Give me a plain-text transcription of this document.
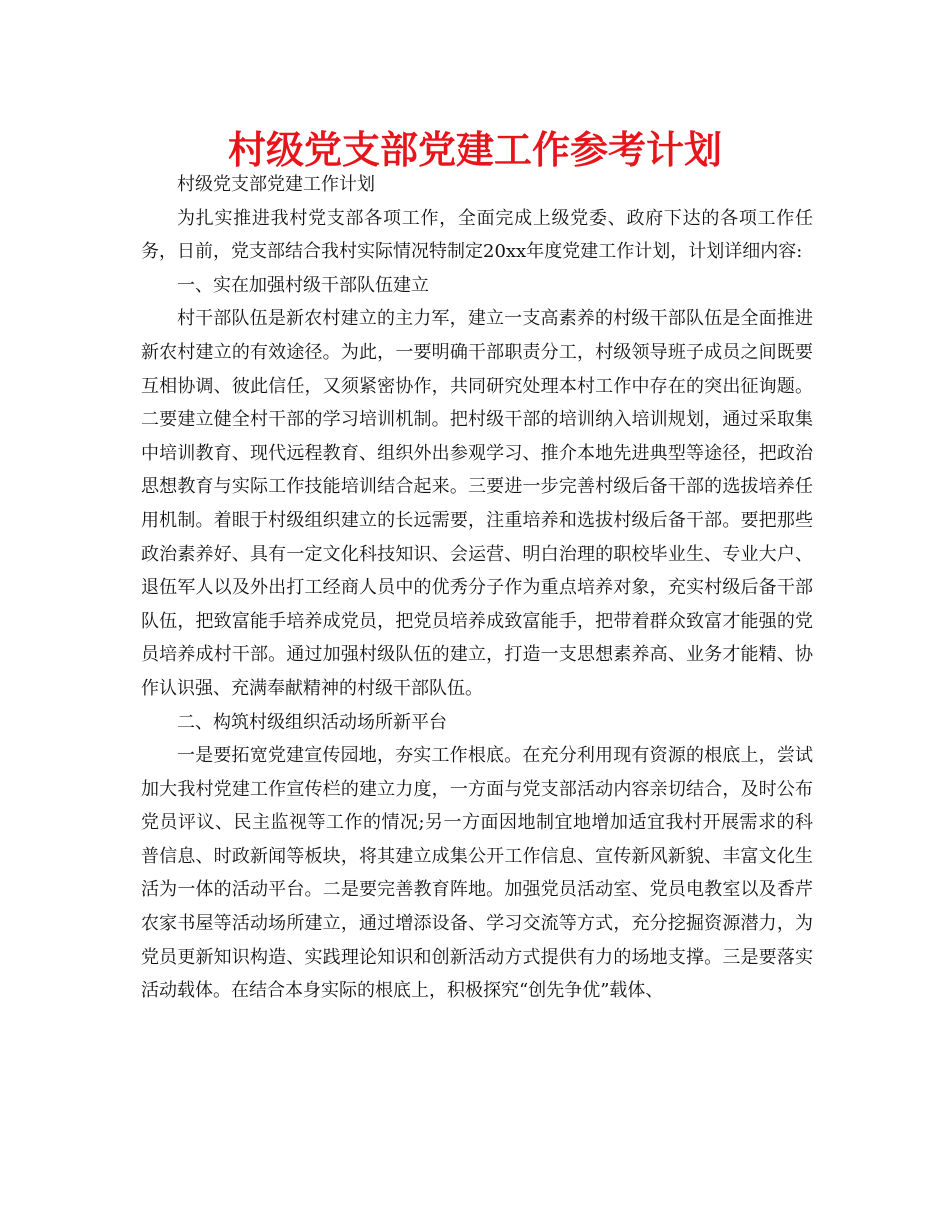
村级党支部党建工作参考计划

村级党支部党建工作计划

为扎实推进我村党支部各项工作，全面完成上级党委、政府下达的各项工作任务，日前，党支部结合我村实际情况特制定20xx年度党建工作计划，计划详细内容:

一、实在加强村级干部队伍建立

村干部队伍是新农村建立的主力军，建立一支高素养的村级干部队伍是全面推进新农村建立的有效途径。为此，一要明确干部职责分工，村级领导班子成员之间既要互相协调、彼此信任，又须紧密协作，共同研究处理本村工作中存在的突出征询题。二要建立健全村干部的学习培训机制。把村级干部的培训纳入培训规划，通过采取集中培训教育、现代远程教育、组织外出参观学习、推介本地先进典型等途径，把政治思想教育与实际工作技能培训结合起来。三要进一步完善村级后备干部的选拔培养任用机制。着眼于村级组织建立的长远需要，注重培养和选拔村级后备干部。要把那些政治素养好、具有一定文化科技知识、会运营、明白治理的职校毕业生、专业大户、退伍军人以及外出打工经商人员中的优秀分子作为重点培养对象，充实村级后备干部队伍，把致富能手培养成党员，把党员培养成致富能手，把带着群众致富才能强的党员培养成村干部。通过加强村级队伍的建立，打造一支思想素养高、业务才能精、协作认识强、充满奉献精神的村级干部队伍。

二、构筑村级组织活动场所新平台

一是要拓宽党建宣传园地，夯实工作根底。在充分利用现有资源的根底上，尝试加大我村党建工作宣传栏的建立力度，一方面与党支部活动内容亲切结合，及时公布党员评议、民主监视等工作的情况;另一方面因地制宜地增加适宜我村开展需求的科普信息、时政新闻等板块，将其建立成集公开工作信息、宣传新风新貌、丰富文化生活为一体的活动平台。二是要完善教育阵地。加强党员活动室、党员电教室以及香芹农家书屋等活动场所建立，通过增添设备、学习交流等方式，充分挖掘资源潜力，为党员更新知识构造、实践理论知识和创新活动方式提供有力的场地支撑。三是要落实活动载体。在结合本身实际的根底上，积极探究“创先争优”载体、
